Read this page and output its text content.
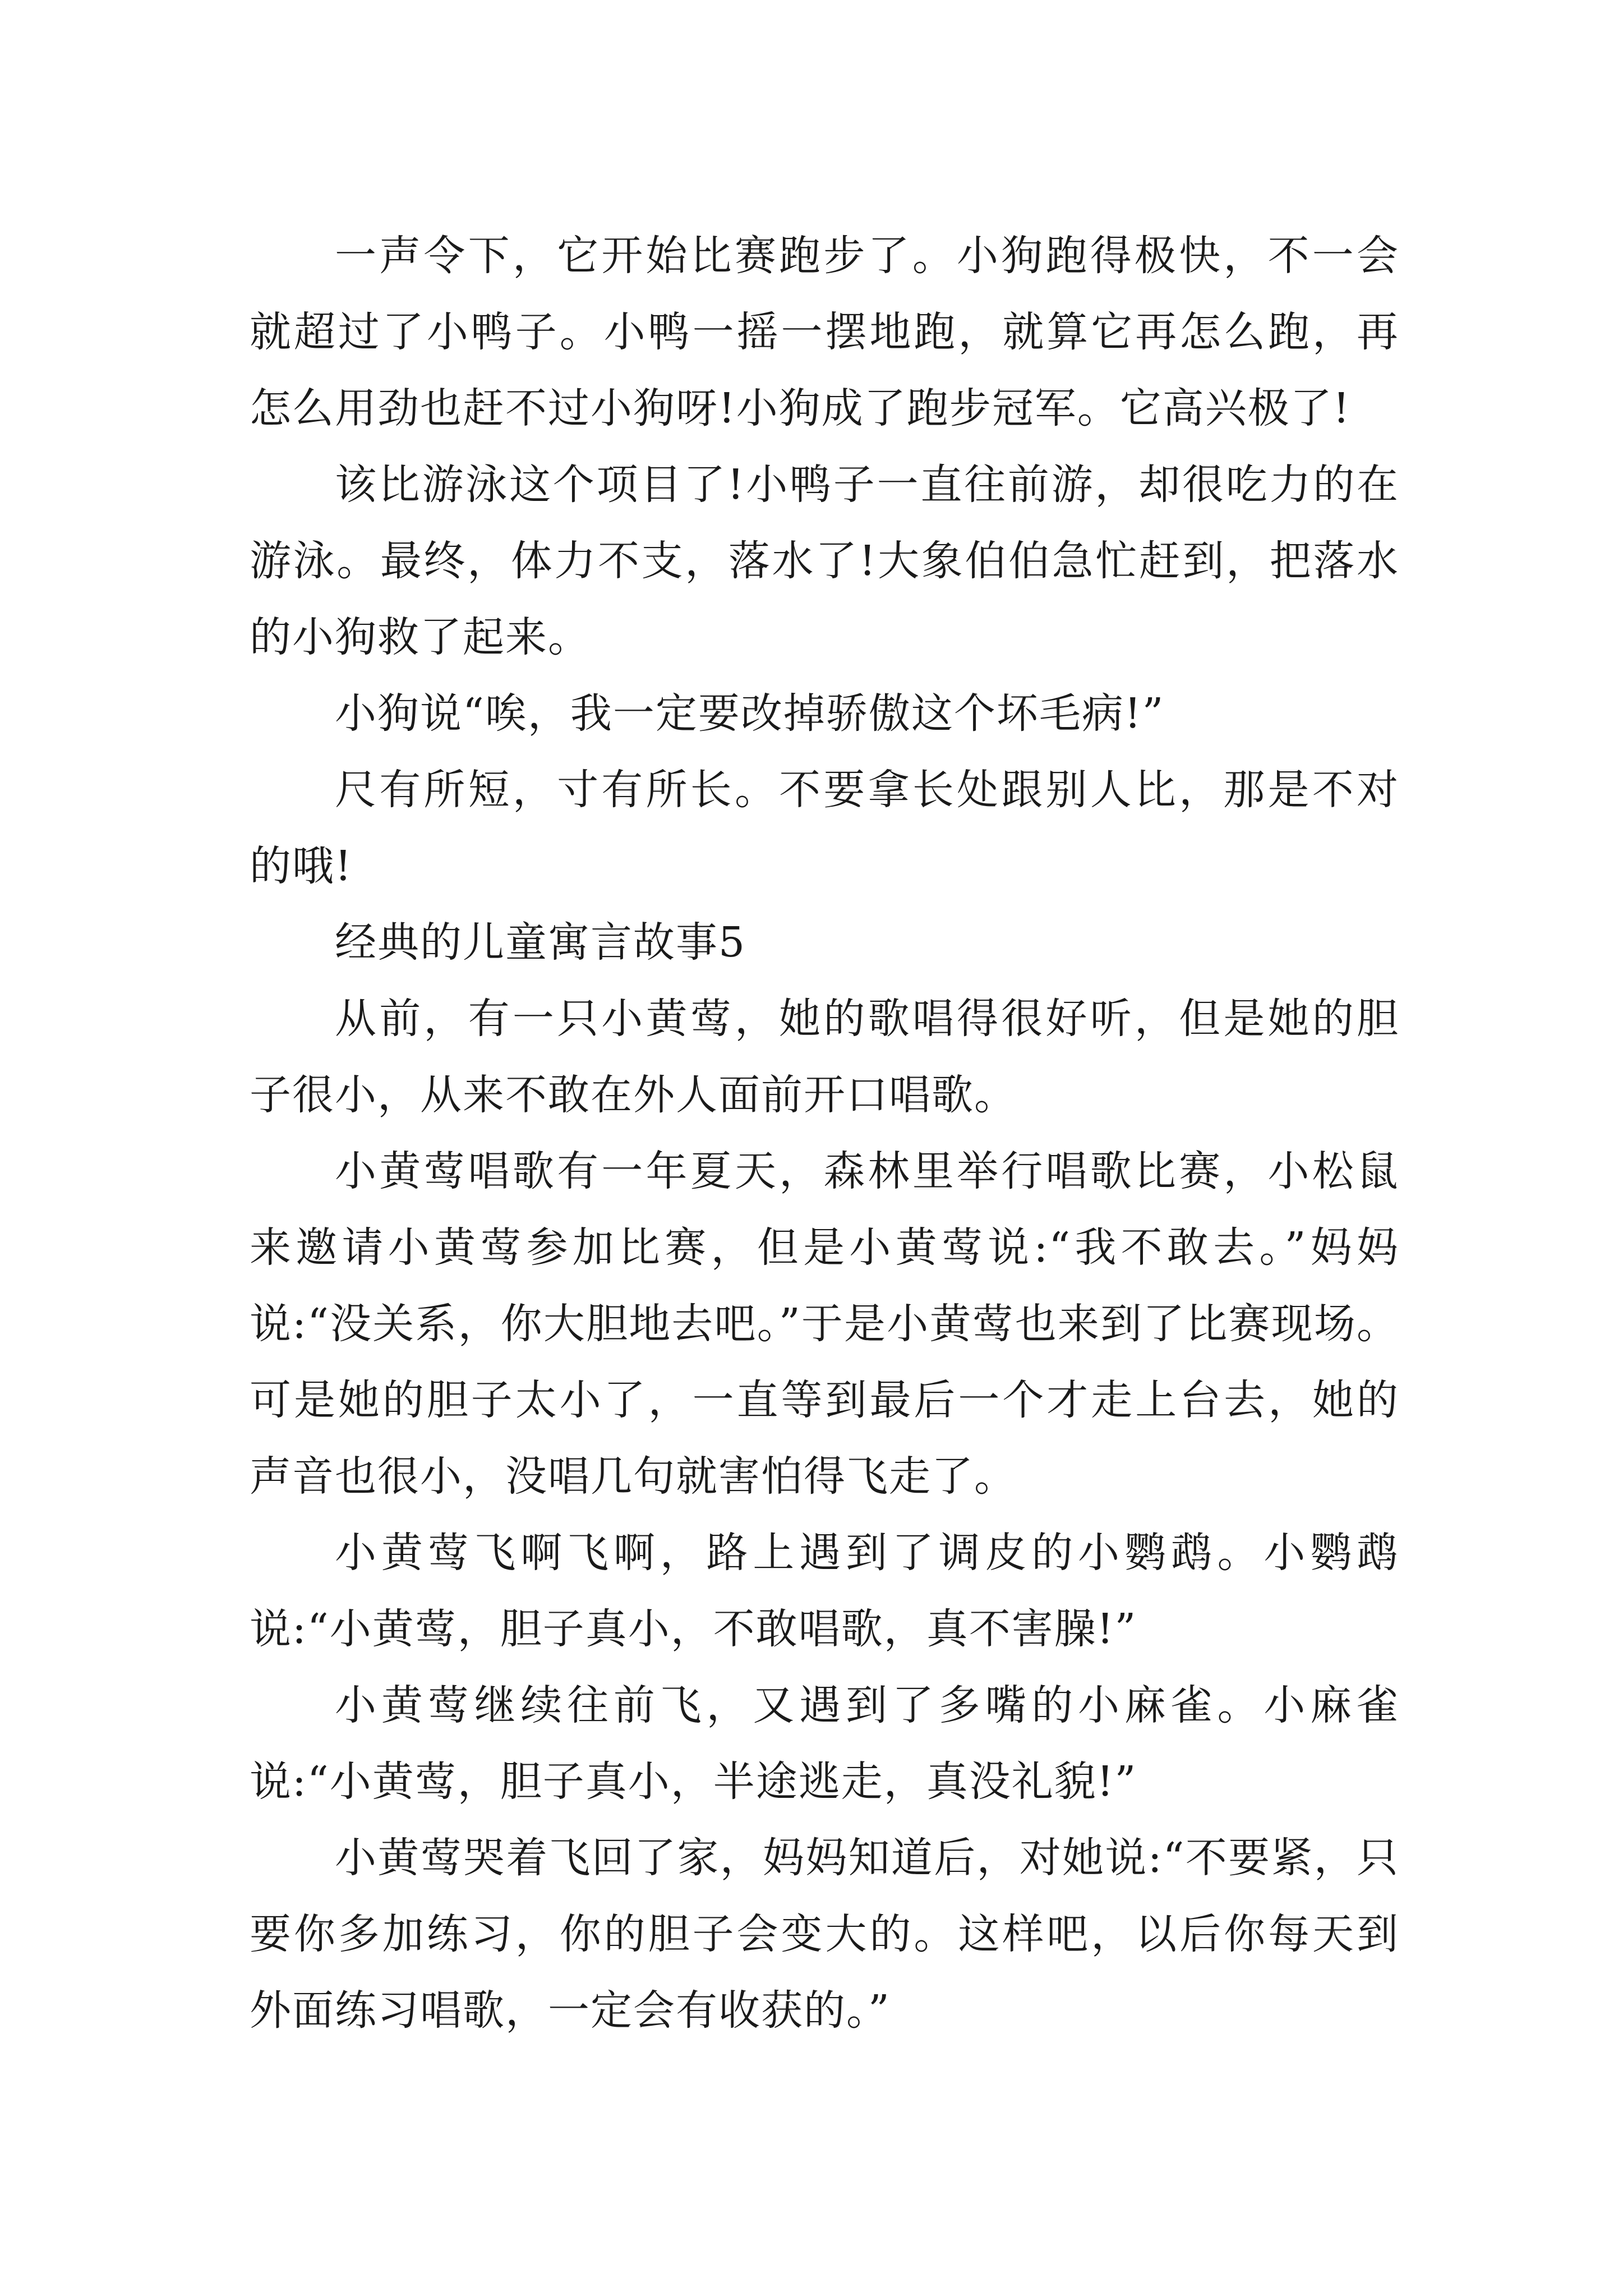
一声令下，它开始比赛跑步了。小狗跑得极快，不一会就超过了小鸭子。小鸭一摇一摆地跑，就算它再怎么跑，再怎么用劲也赶不过小狗呀!小狗成了跑步冠军。它高兴极了!

该比游泳这个项目了!小鸭子一直往前游，却很吃力的在游泳。最终，体力不支，落水了!大象伯伯急忙赶到，把落水的小狗救了起来。

小狗说“唉，我一定要改掉骄傲这个坏毛病!”

尺有所短，寸有所长。不要拿长处跟别人比，那是不对的哦!

经典的儿童寓言故事5

从前，有一只小黄莺，她的歌唱得很好听，但是她的胆子很小，从来不敢在外人面前开口唱歌。

小黄莺唱歌有一年夏天，森林里举行唱歌比赛，小松鼠来邀请小黄莺参加比赛，但是小黄莺说:“我不敢去。”妈妈说:“没关系，你大胆地去吧。”于是小黄莺也来到了比赛现场。可是她的胆子太小了，一直等到最后一个才走上台去，她的声音也很小，没唱几句就害怕得飞走了。

小黄莺飞啊飞啊，路上遇到了调皮的小鹦鹉。小鹦鹉说:“小黄莺，胆子真小，不敢唱歌，真不害臊!”

小黄莺继续往前飞，又遇到了多嘴的小麻雀。小麻雀说:“小黄莺，胆子真小，半途逃走，真没礼貌!”

小黄莺哭着飞回了家，妈妈知道后，对她说:“不要紧，只要你多加练习，你的胆子会变大的。这样吧，以后你每天到外面练习唱歌，一定会有收获的。”
